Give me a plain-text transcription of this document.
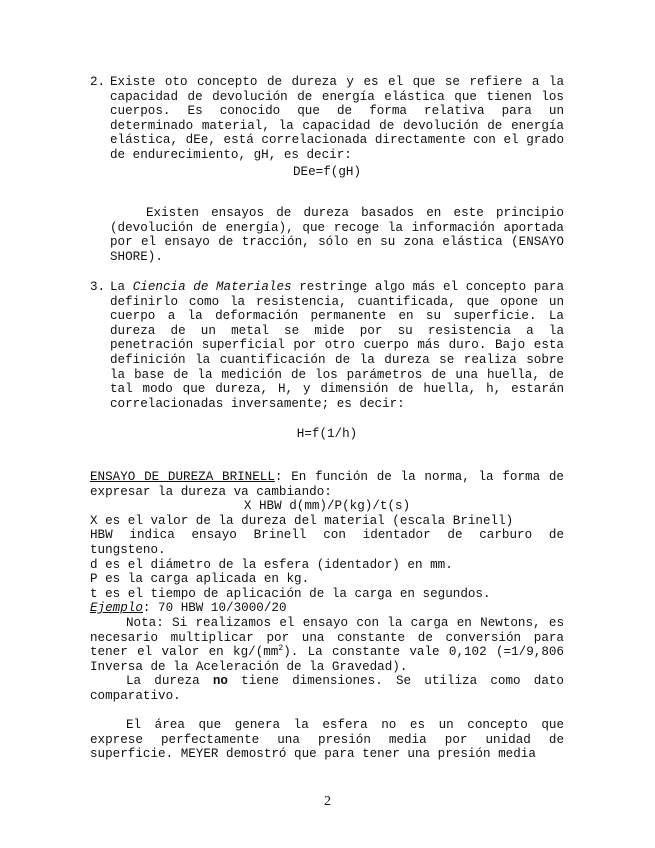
2. Existe oto concepto de dureza y es el que se refiere a la capacidad de devolución de energía elástica que tienen los cuerpos. Es conocido que de forma relativa para un determinado material, la capacidad de devolución de energía elástica, dEe, está correlacionada directamente con el grado de endurecimiento, gH, es decir:

DEe=f(gH)

Existen ensayos de dureza basados en este principio (devolución de energía), que recoge la información aportada por el ensayo de tracción, sólo en su zona elástica (ENSAYO SHORE).

3. La Ciencia de Materiales restringe algo más el concepto para definirlo como la resistencia, cuantificada, que opone un cuerpo a la deformación permanente en su superficie. La dureza de un metal se mide por su resistencia a la penetración superficial por otro cuerpo más duro. Bajo esta definición la cuantificación de la dureza se realiza sobre la base de la medición de los parámetros de una huella, de tal modo que dureza, H, y dimensión de huella, h, estarán correlacionadas inversamente; es decir:

H=f(1/h)

ENSAYO DE DUREZA BRINELL: En función de la norma, la forma de expresar la dureza va cambiando:

X HBW d(mm)/P(kg)/t(s)

X es el valor de la dureza del material (escala Brinell)

HBW indica ensayo Brinell con identador de carburo de tungsteno.

d es el diámetro de la esfera (identador) en mm.

P es la carga aplicada en kg.

t es el tiempo de aplicación de la carga en segundos.

Ejemplo: 70 HBW 10/3000/20

Nota: Si realizamos el ensayo con la carga en Newtons, es necesario multiplicar por una constante de conversión para tener el valor en $kg/(mm^2)$. La constante vale 0,102 (=1/9,806 Inversa de la Aceleración de la Gravedad).

La dureza no tiene dimensiones. Se utiliza como dato comparativo.

El área que genera la esfera no es un concepto que exprese perfectamente una presión media por unidad de superficie. MEYER demostró que para tener una presión media

2
